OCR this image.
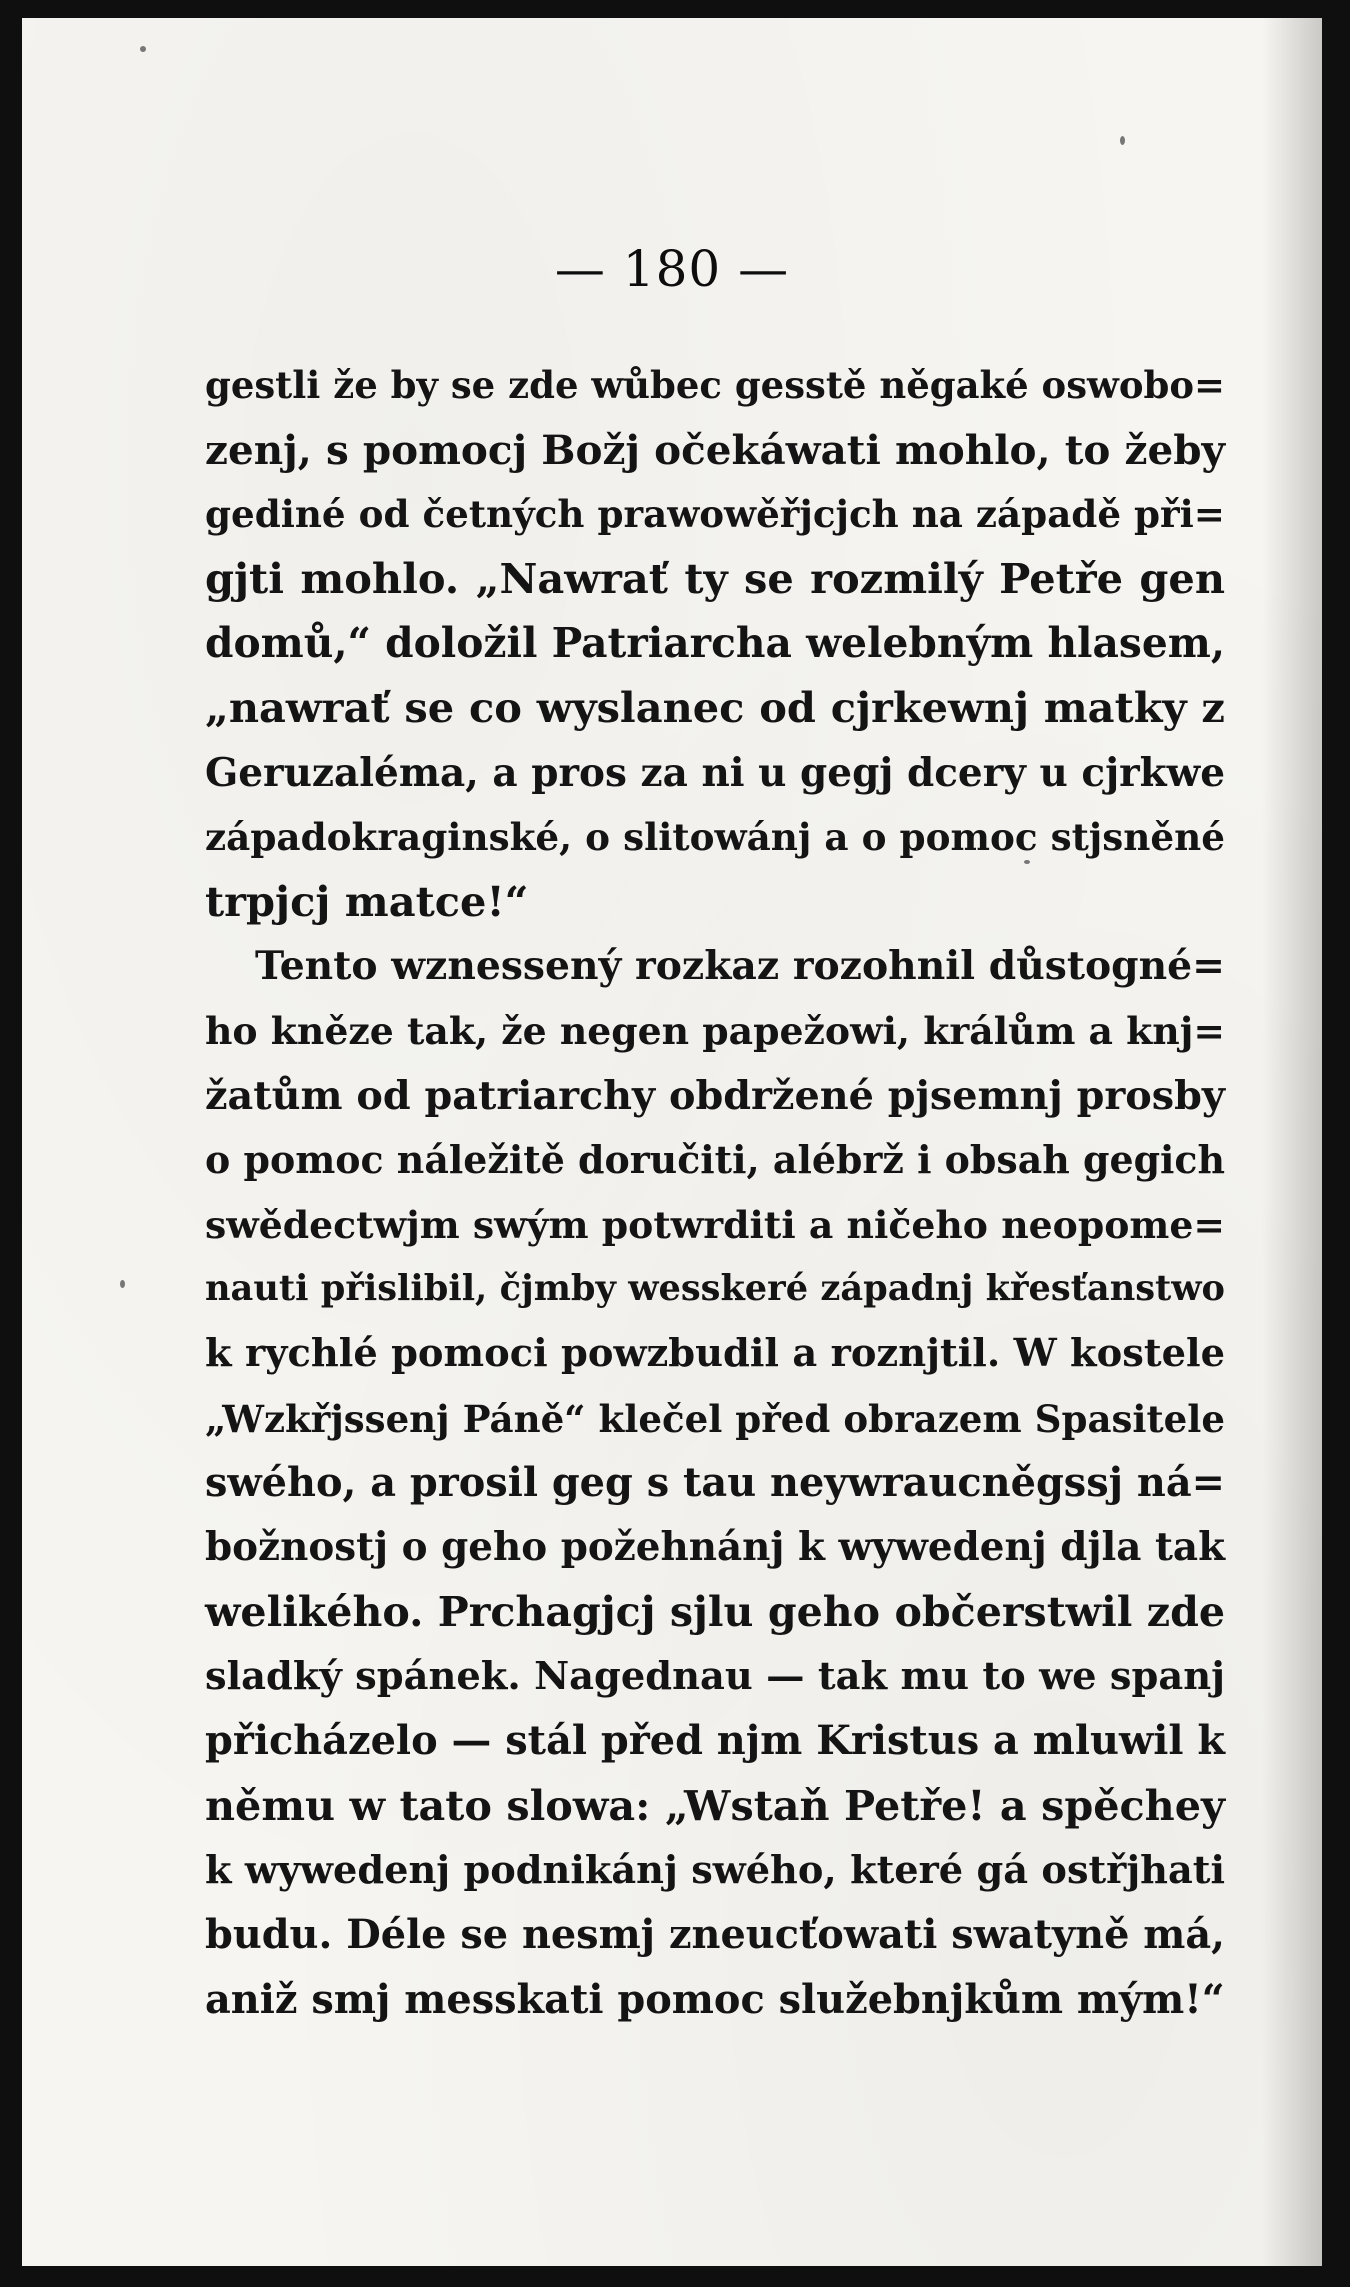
— 180 —
gestli že by se zde wůbec gesstě něgaké oswobo=
zenj, s pomocj Božj očekáwati mohlo, to žeby
gediné od četných prawowěřjcjch na západě při=
gjti mohlo. „Nawrať ty se rozmilý Petře gen
domů,“ doložil Patriarcha welebným hlasem,
„nawrať se co wyslanec od cjrkewnj matky z
Geruzaléma, a pros za ni u gegj dcery u cjrkwe
západokraginské, o slitowánj a o pomoc stjsněné
trpjcj matce!“
Tento wznessený rozkaz rozohnil důstogné=
ho kněze tak, že negen papežowi, králům a knj=
žatům od patriarchy obdržené pjsemnj prosby
o pomoc náležitě doručiti, alébrž i obsah gegich
swědectwjm swým potwrditi a ničeho neopome=
nauti přislibil, čjmby wesskeré západnj křesťanstwo
k rychlé pomoci powzbudil a roznjtil. W kostele
„Wzkřjssenj Páně“ klečel před obrazem Spasitele
swého, a prosil geg s tau neywraucněgssj ná=
božnostj o geho požehnánj k wywedenj djla tak
welikého. Prchagjcj sjlu geho občerstwil zde
sladký spánek. Nagednau — tak mu to we spanj
přicházelo — stál před njm Kristus a mluwil k
němu w tato slowa: „Wstaň Petře! a spěchey
k wywedenj podnikánj swého, které gá ostřjhati
budu. Déle se nesmj zneucťowati swatyně má,
aniž smj messkati pomoc služebnjkům mým!“
